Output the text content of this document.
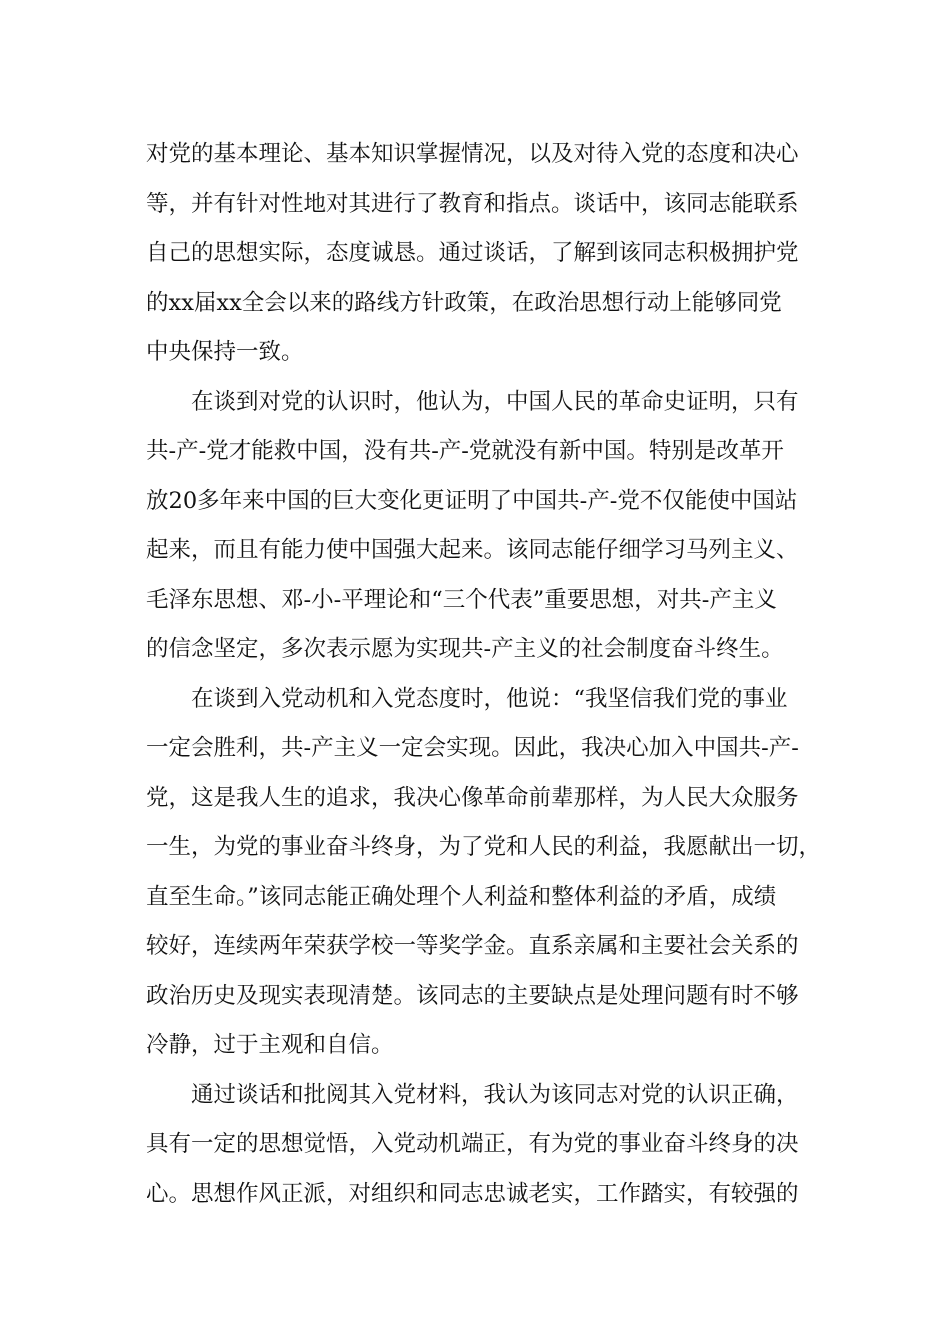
对党的基本理论、基本知识掌握情况，以及对待入党的态度和决心
等，并有针对性地对其进行了教育和指点。谈话中，该同志能联系
自己的思想实际，态度诚恳。通过谈话，了解到该同志积极拥护党
的xx届xx全会以来的路线方针政策，在政治思想行动上能够同党
中央保持一致。
在谈到对党的认识时，他认为，中国人民的革命史证明，只有
共-产-党才能救中国，没有共-产-党就没有新中国。特别是改革开
放20多年来中国的巨大变化更证明了中国共-产-党不仅能使中国站
起来，而且有能力使中国强大起来。该同志能仔细学习马列主义、
毛泽东思想、邓-小-平理论和“三个代表”重要思想，对共-产主义
的信念坚定，多次表示愿为实现共-产主义的社会制度奋斗终生。
在谈到入党动机和入党态度时，他说：“我坚信我们党的事业
一定会胜利，共-产主义一定会实现。因此，我决心加入中国共-产-
党，这是我人生的追求，我决心像革命前辈那样，为人民大众服务
一生，为党的事业奋斗终身，为了党和人民的利益，我愿献出一切，
直至生命。”该同志能正确处理个人利益和整体利益的矛盾，成绩
较好，连续两年荣获学校一等奖学金。直系亲属和主要社会关系的
政治历史及现实表现清楚。该同志的主要缺点是处理问题有时不够
冷静，过于主观和自信。
通过谈话和批阅其入党材料，我认为该同志对党的认识正确，
具有一定的思想觉悟，入党动机端正，有为党的事业奋斗终身的决
心。思想作风正派，对组织和同志忠诚老实，工作踏实，有较强的
